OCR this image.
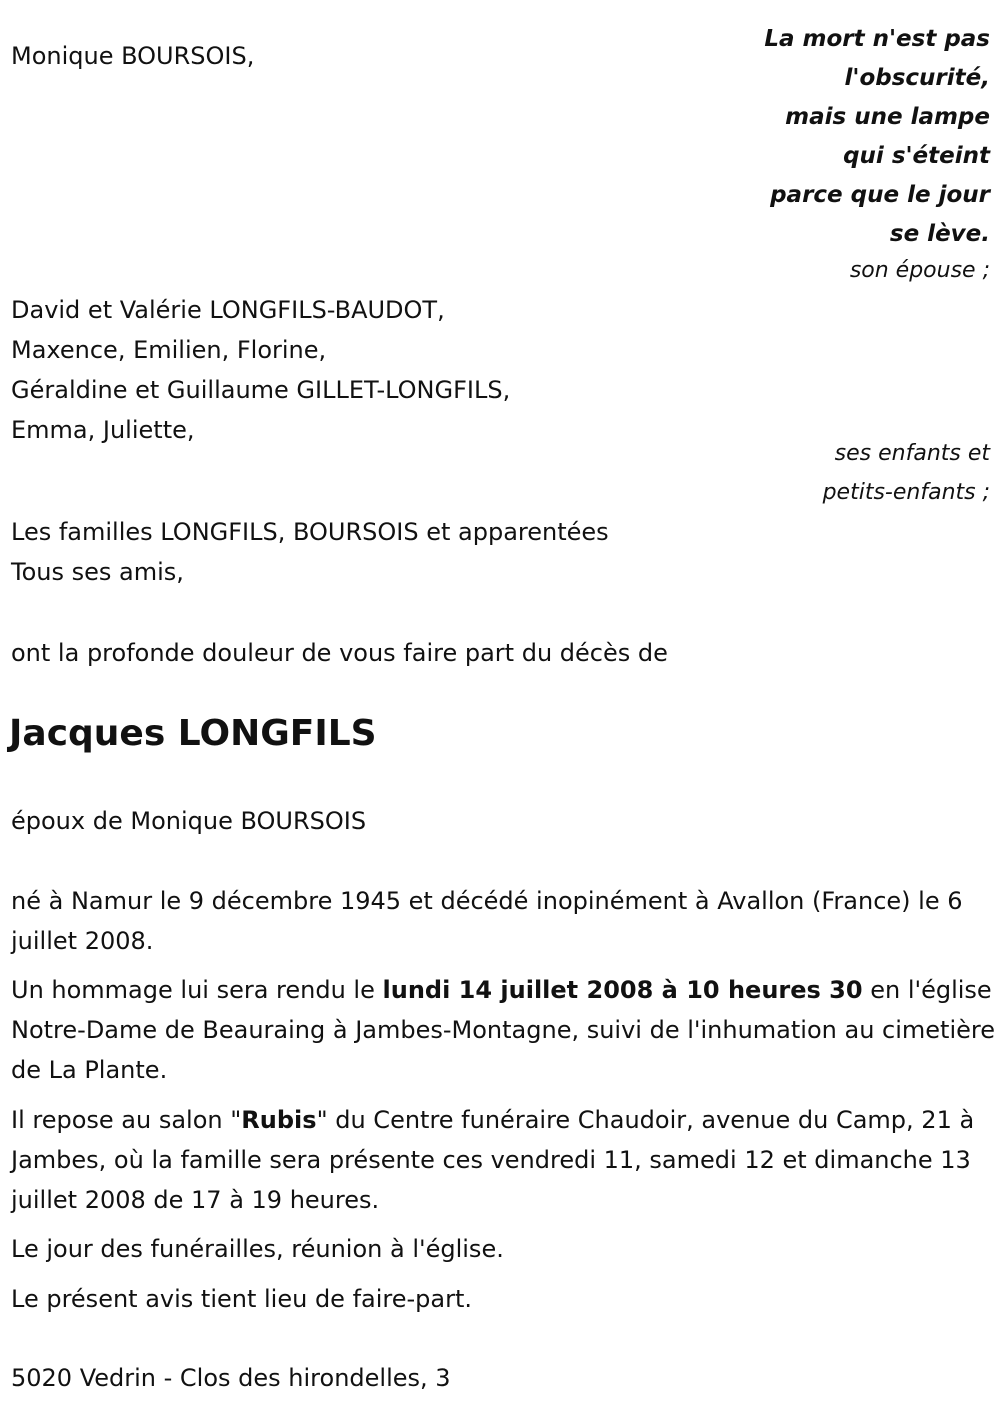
La mort n'est pas
l'obscurité,
mais une lampe
qui s'éteint
parce que le jour
se lève.

Monique BOURSOIS,

son épouse ;

David et Valérie LONGFILS-BAUDOT,

Maxence, Emilien, Florine,

Géraldine et Guillaume GILLET-LONGFILS,

Emma, Juliette,

ses enfants et
petits-enfants ;

Les familles LONGFILS, BOURSOIS et apparentées

Tous ses amis,

ont la profonde douleur de vous faire part du décès de

Jacques LONGFILS

époux de Monique BOURSOIS

né à Namur le 9 décembre 1945 et décédé inopinément à Avallon (France) le 6 juillet 2008.

Un hommage lui sera rendu le lundi 14 juillet 2008 à 10 heures 30 en l'église Notre-Dame de Beauraing à Jambes-Montagne, suivi de l'inhumation au cimetière de La Plante.

Il repose au salon "Rubis" du Centre funéraire Chaudoir, avenue du Camp, 21 à Jambes, où la famille sera présente ces vendredi 11, samedi 12 et dimanche 13 juillet 2008 de 17 à 19 heures.

Le jour des funérailles, réunion à l'église.

Le présent avis tient lieu de faire-part.

5020 Vedrin - Clos des hirondelles, 3
